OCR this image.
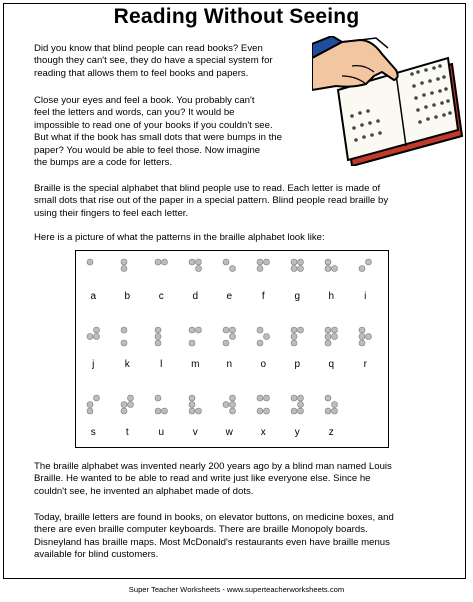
Reading Without Seeing

Did you know that blind people can read books? Even
though they can't see, they do have a special system for
reading that allows them to feel books and papers.

Close your eyes and feel a book. You probably can't
feel the letters and words, can you? It would be
impossible to read one of your books if you couldn't see.
But what if the book has small dots that were bumps in the
paper? You would be able to feel those. Now imagine
the bumps are a code for letters.

Braille is the special alphabet that blind people use to read. Each letter is made of
small dots that rise out of the paper in a special pattern. Blind people read braille by
using their fingers to feel each letter.

Here is a picture of what the patterns in the braille alphabet look like:

The braille alphabet was invented nearly 200 years ago by a blind man named Louis
Braille. He wanted to be able to read and write just like everyone else. Since he
couldn't see, he invented an alphabet made of dots.

Today, braille letters are found in books, on elevator buttons, on medicine boxes, and
there are even braille computer keyboards. There are braille Monopoly boards.
Disneyland has braille maps. Most McDonald's restaurants even have braille menus
available for blind customers.

a	b	c	d	e	f	g	h	i
j	k	l	m	n	o	p	q	r
s	t	u	v	w	x	y	z
Super Teacher Worksheets - www.superteacherworksheets.com
